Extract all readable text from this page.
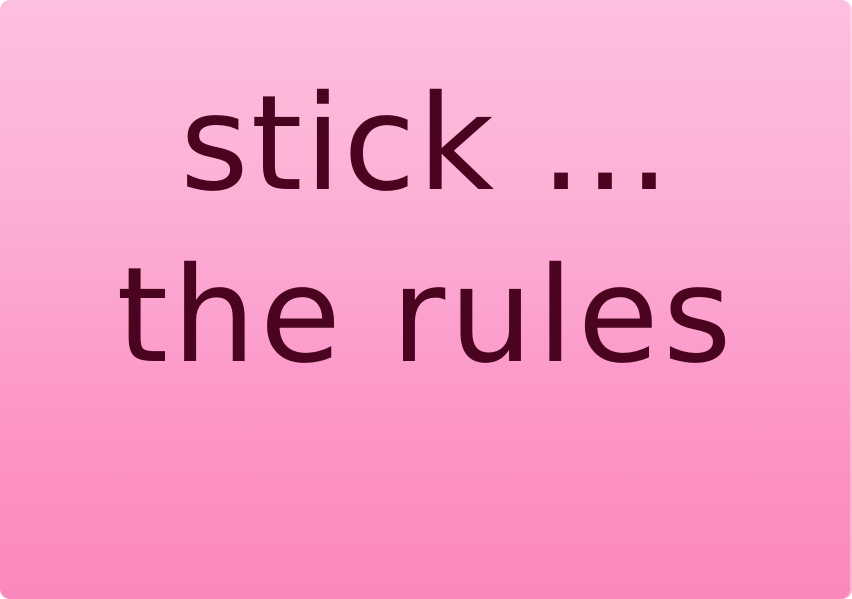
stick ...
the rules
